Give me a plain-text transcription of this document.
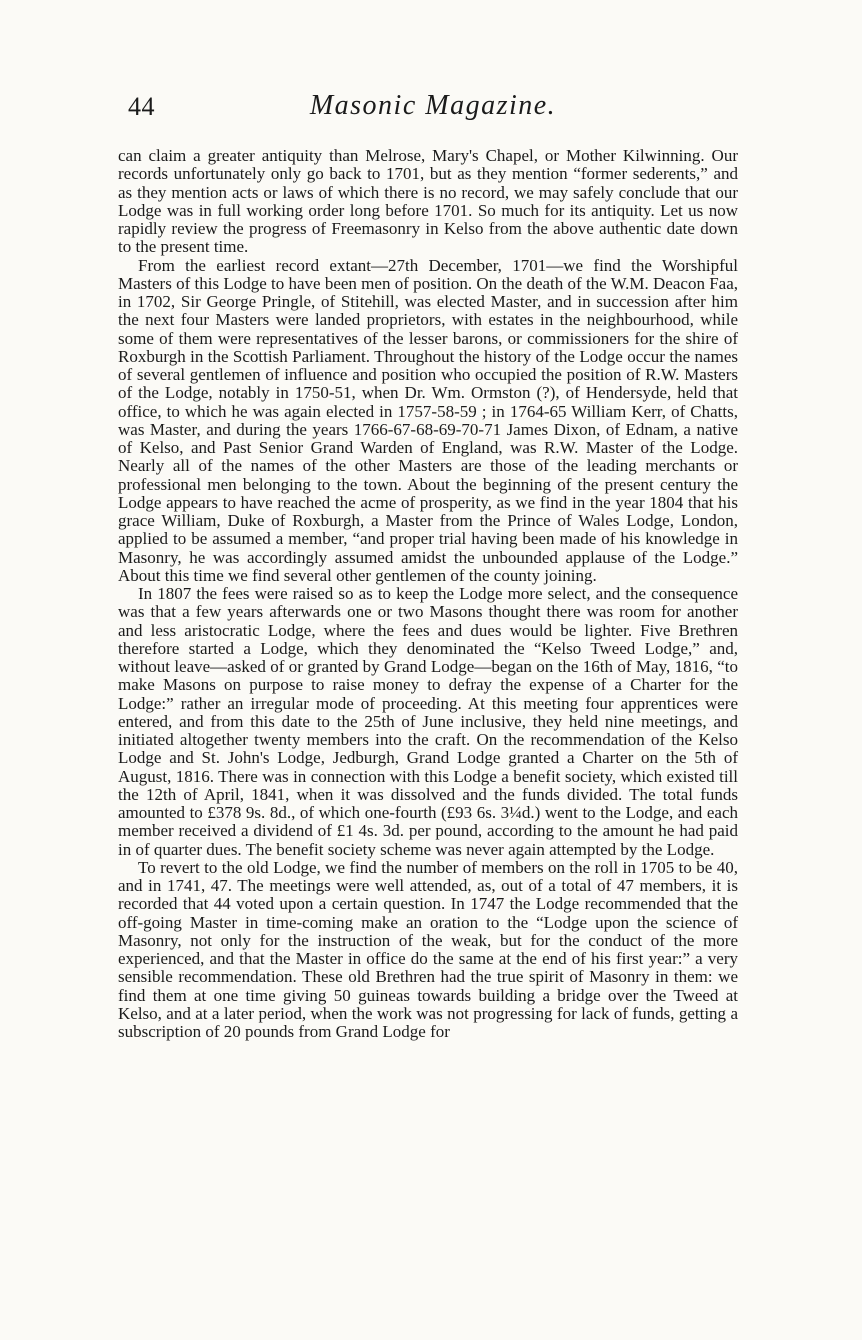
44	Masonic Magazine.

can claim a greater antiquity than Melrose, Mary's Chapel, or Mother Kilwinning. Our records unfortunately only go back to 1701, but as they mention “former sederents,” and as they mention acts or laws of which there is no record, we may safely conclude that our Lodge was in full working order long before 1701. So much for its antiquity. Let us now rapidly review the progress of Freemasonry in Kelso from the above authentic date down to the present time.

From the earliest record extant—27th December, 1701—we find the Worshipful Masters of this Lodge to have been men of position. On the death of the W.M. Deacon Faa, in 1702, Sir George Pringle, of Stitehill, was elected Master, and in succession after him the next four Masters were landed proprietors, with estates in the neighbourhood, while some of them were representatives of the lesser barons, or commissioners for the shire of Roxburgh in the Scottish Parliament. Throughout the history of the Lodge occur the names of several gentlemen of influence and position who occupied the position of R.W. Masters of the Lodge, notably in 1750-51, when Dr. Wm. Ormston (?), of Hendersyde, held that office, to which he was again elected in 1757-58-59 ; in 1764-65 William Kerr, of Chatts, was Master, and during the years 1766-67-68-69-70-71 James Dixon, of Ednam, a native of Kelso, and Past Senior Grand Warden of England, was R.W. Master of the Lodge. Nearly all of the names of the other Masters are those of the leading merchants or professional men belonging to the town. About the beginning of the present century the Lodge appears to have reached the acme of prosperity, as we find in the year 1804 that his grace William, Duke of Roxburgh, a Master from the Prince of Wales Lodge, London, applied to be assumed a member, “and proper trial having been made of his knowledge in Masonry, he was accordingly assumed amidst the unbounded applause of the Lodge.” About this time we find several other gentlemen of the county joining.

In 1807 the fees were raised so as to keep the Lodge more select, and the consequence was that a few years afterwards one or two Masons thought there was room for another and less aristocratic Lodge, where the fees and dues would be lighter. Five Brethren therefore started a Lodge, which they denominated the “Kelso Tweed Lodge,” and, without leave—asked of or granted by Grand Lodge—began on the 16th of May, 1816, “to make Masons on purpose to raise money to defray the expense of a Charter for the Lodge:” rather an irregular mode of proceeding. At this meeting four apprentices were entered, and from this date to the 25th of June inclusive, they held nine meetings, and initiated altogether twenty members into the craft. On the recommendation of the Kelso Lodge and St. John's Lodge, Jedburgh, Grand Lodge granted a Charter on the 5th of August, 1816. There was in connection with this Lodge a benefit society, which existed till the 12th of April, 1841, when it was dissolved and the funds divided. The total funds amounted to £378 9s. 8d., of which one-fourth (£93 6s. 3¼d.) went to the Lodge, and each member received a dividend of £1 4s. 3d. per pound, according to the amount he had paid in of quarter dues. The benefit society scheme was never again attempted by the Lodge.

To revert to the old Lodge, we find the number of members on the roll in 1705 to be 40, and in 1741, 47. The meetings were well attended, as, out of a total of 47 members, it is recorded that 44 voted upon a certain question. In 1747 the Lodge recommended that the off-going Master in time-coming make an oration to the “Lodge upon the science of Masonry, not only for the instruction of the weak, but for the conduct of the more experienced, and that the Master in office do the same at the end of his first year:” a very sensible recommendation. These old Brethren had the true spirit of Masonry in them: we find them at one time giving 50 guineas towards building a bridge over the Tweed at Kelso, and at a later period, when the work was not progressing for lack of funds, getting a subscription of 20 pounds from Grand Lodge for
